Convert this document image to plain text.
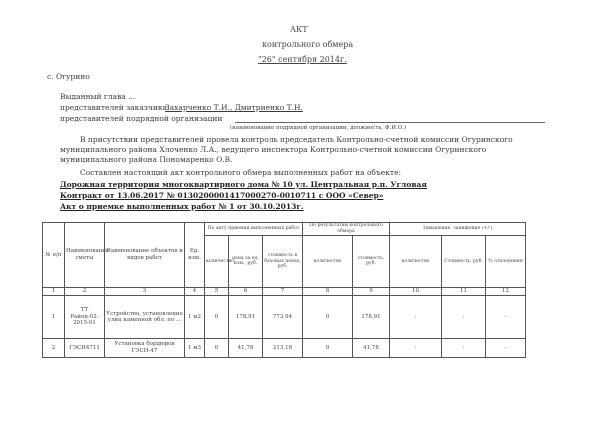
АКТ
контрольного обмера
"26" сентября 2014г.
с. Огурино
Выданный глава ...
представителей заказчика:
Захарченко Т.И., Дмитриенко Т.Н.
представителей подрядной организации
(наименование подрядной организации, должность, Ф.И.О.)
В присутствии представителей провела контроль председатель Контрольно-счетной комиссии Огуринского
муниципального района Хлоченко Л.А., ведущего инспектора Контрольно-счетной комиссии Огуринского
муниципального района Пономаренко О.В.
Составлен настоящий акт контрольного обмера выполненных работ на объекте:
Дорожная территория многоквартирного дома № 10 ул. Центральная р.п. Угловая
Контракт от 13.06.2017 № 0130200001417000270-0010711 с ООО «Север»
Акт о приемке выполненных работ № 1 от 30.10.2013г.
№ п/п	Наименование сметы	Наименование объектов и видов работ	Ед. изм.	По акту приемки выполненных работ			По результатам контрольного обмера		Завышение, занижение (+/-)		
				количество	цена за ед. изм., руб.	стоимость в базовых ценах, руб.	количество	стоимость, руб.	количество	Стоимость, руб.	% отклонения
1	2	3	4	5	6	7	8	9	10	11	12
1	ТТ Район-02-2015-01	Устройство, установление улиц каменной обл. по ...	1 м2	0	178,91	773,94	0	178,91	-	-	-
2	ГЭСН4711	Установка бордюров ГЭСН-47	1 м3	0	41,78	213,18	0	41,78	-	-	-
